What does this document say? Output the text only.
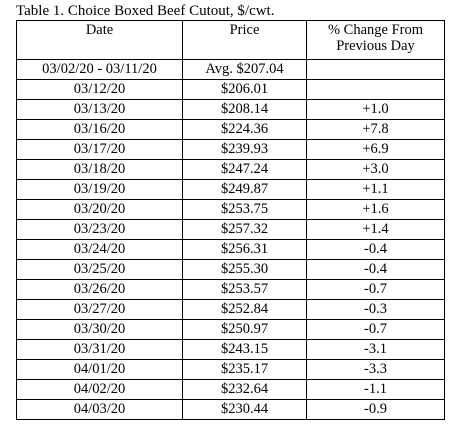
Table 1. Choice Boxed Beef Cutout, $/cwt.
Date	Price	% Change From
Previous Day

03/02/20 - 03/11/20	Avg. $207.04	
03/12/20	$206.01	
03/13/20	$208.14	+1.0
03/16/20	$224.36	+7.8
03/17/20	$239.93	+6.9
03/18/20	$247.24	+3.0
03/19/20	$249.87	+1.1
03/20/20	$253.75	+1.6
03/23/20	$257.32	+1.4
03/24/20	$256.31	-0.4
03/25/20	$255.30	-0.4
03/26/20	$253.57	-0.7
03/27/20	$252.84	-0.3
03/30/20	$250.97	-0.7
03/31/20	$243.15	-3.1
04/01/20	$235.17	-3.3
04/02/20	$232.64	-1.1
04/03/20	$230.44	-0.9
